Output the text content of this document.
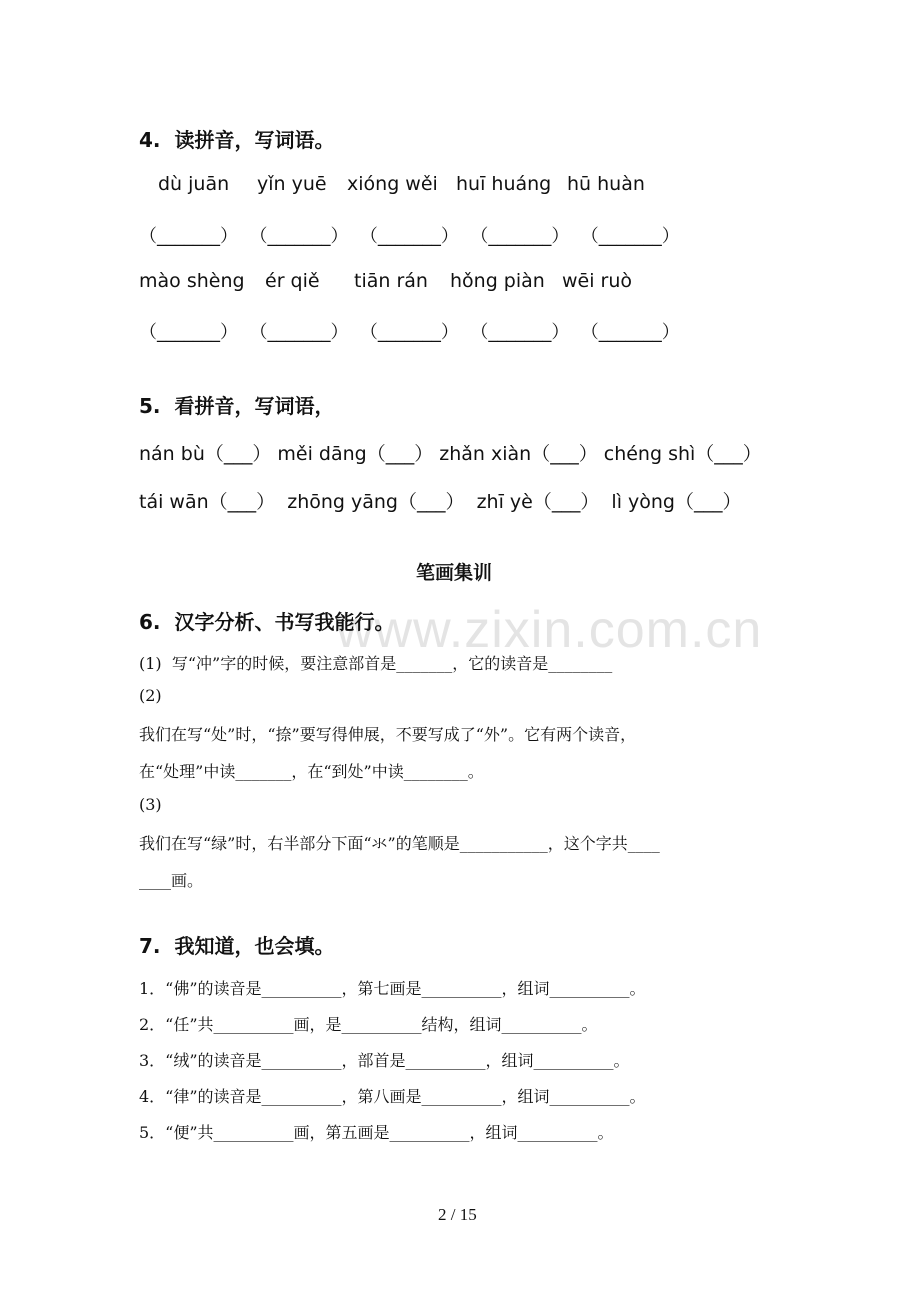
www.zixin.com.cn
4.  读拼音，写词语。
dù juān yǐn yuē xióng wěi huī huáng hū huàn
（_______）  （_______）  （_______）  （_______）  （_______）
mào shèng ér qiě tiān rán hǒng piàn wēi ruò
（_______）  （_______）  （_______）  （_______）  （_______）
5.  看拼音，写词语，
nán bù（___） měi dāng（___） zhǎn xiàn（___） chéng shì（___）
tái wān（___）  zhōng yāng（___）  zhī yè（___）  lì yòng（___）
笔画集训
6.  汉字分析、书写我能行。
(1)  写“冲”字的时候，要注意部首是_______，它的读音是________
(2)
我们在写“处”时，“捺”要写得伸展，不要写成了“外”。它有两个读音，
在“处理”中读_______，在“到处”中读________。
(3)
我们在写“绿”时，右半部分下面“氺”的笔顺是___________，这个字共____
____画。
7.  我知道，也会填。
1．“佛”的读音是__________，第七画是__________，组词__________。
2．“任”共__________画，是__________结构，组词__________。
3．“绒”的读音是__________，部首是__________，组词__________。
4．“律”的读音是__________，第八画是__________，组词__________。
5．“便”共__________画，第五画是__________，组词__________。
2 / 15
